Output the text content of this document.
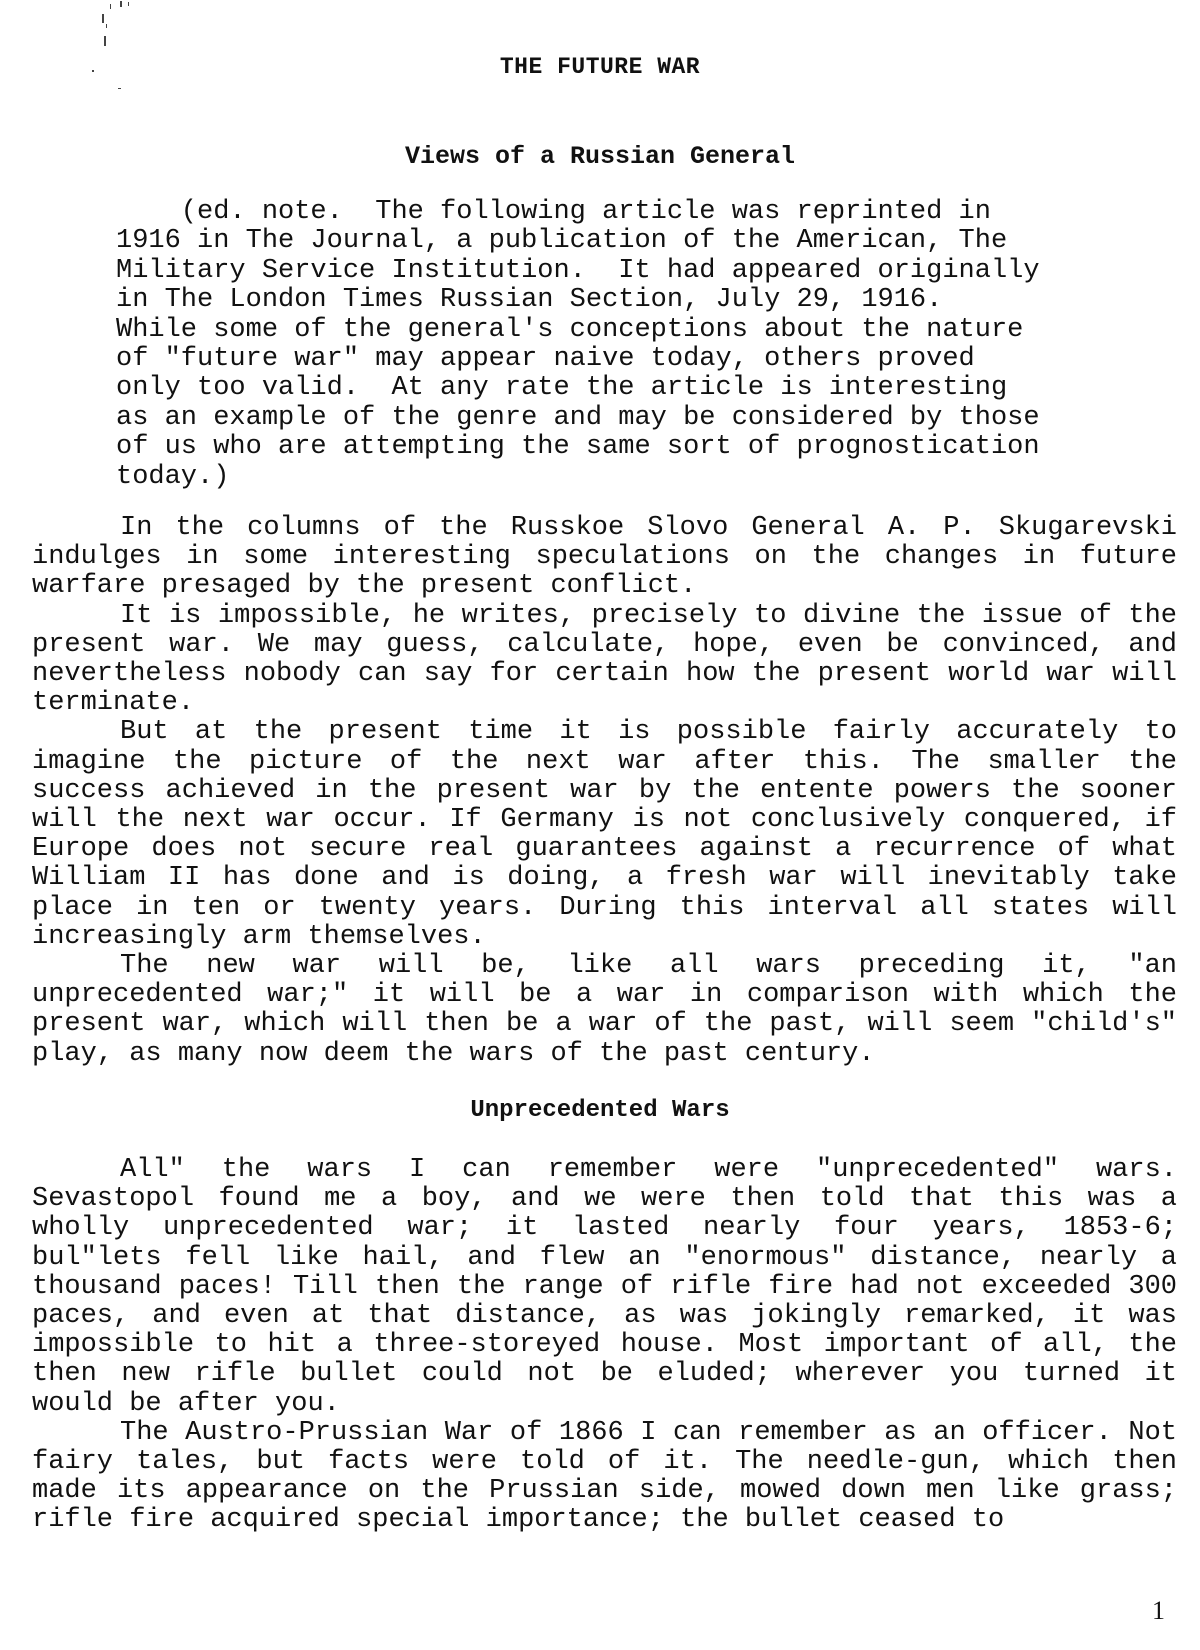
THE FUTURE WAR
Views of a Russian General
(ed. note.  The following article was reprinted in
1916 in The Journal, a publication of the American, The
Military Service Institution.  It had appeared originally
in The London Times Russian Section, July 29, 1916.
While some of the general's conceptions about the nature
of "future war" may appear naive today, others proved
only too valid.  At any rate the article is interesting
as an example of the genre and may be considered by those
of us who are attempting the same sort of prognostication
today.)

In the columns of the Russkoe Slovo General A. P. Skugarevski indulges in some interesting speculations on the changes in future warfare presaged by the present conflict.

It is impossible, he writes, precisely to divine the issue of the present war. We may guess, calculate, hope, even be convinced, and nevertheless nobody can say for certain how the present world war will terminate.

But at the present time it is possible fairly accurately to imagine the picture of the next war after this. The smaller the success achieved in the present war by the entente powers the sooner will the next war occur. If Germany is not conclusively conquered, if Europe does not secure real guarantees against a recurrence of what William II has done and is doing, a fresh war will inevitably take place in ten or twenty years. During this interval all states will increasingly arm themselves.

The new war will be, like all wars preceding it, "an unprecedented war;" it will be a war in comparison with which the present war, which will then be a war of the past, will seem "child's" play, as many now deem the wars of the past century.

Unprecedented Wars

All" the wars I can remember were "unprecedented" wars. Sevastopol found me a boy, and we were then told that this was a wholly unprecedented war; it lasted nearly four years, 1853-6; bul"lets fell like hail, and flew an "enormous" distance, nearly a thousand paces! Till then the range of rifle fire had not exceeded 300 paces, and even at that distance, as was jokingly remarked, it was impossible to hit a three-storeyed house. Most important of all, the then new rifle bullet could not be eluded; wherever you turned it would be after you.

The Austro-Prussian War of 1866 I can remember as an officer. Not fairy tales, but facts were told of it. The needle-gun, which then made its appearance on the Prussian side, mowed down men like grass; rifle fire acquired special importance; the bullet ceased to

1
